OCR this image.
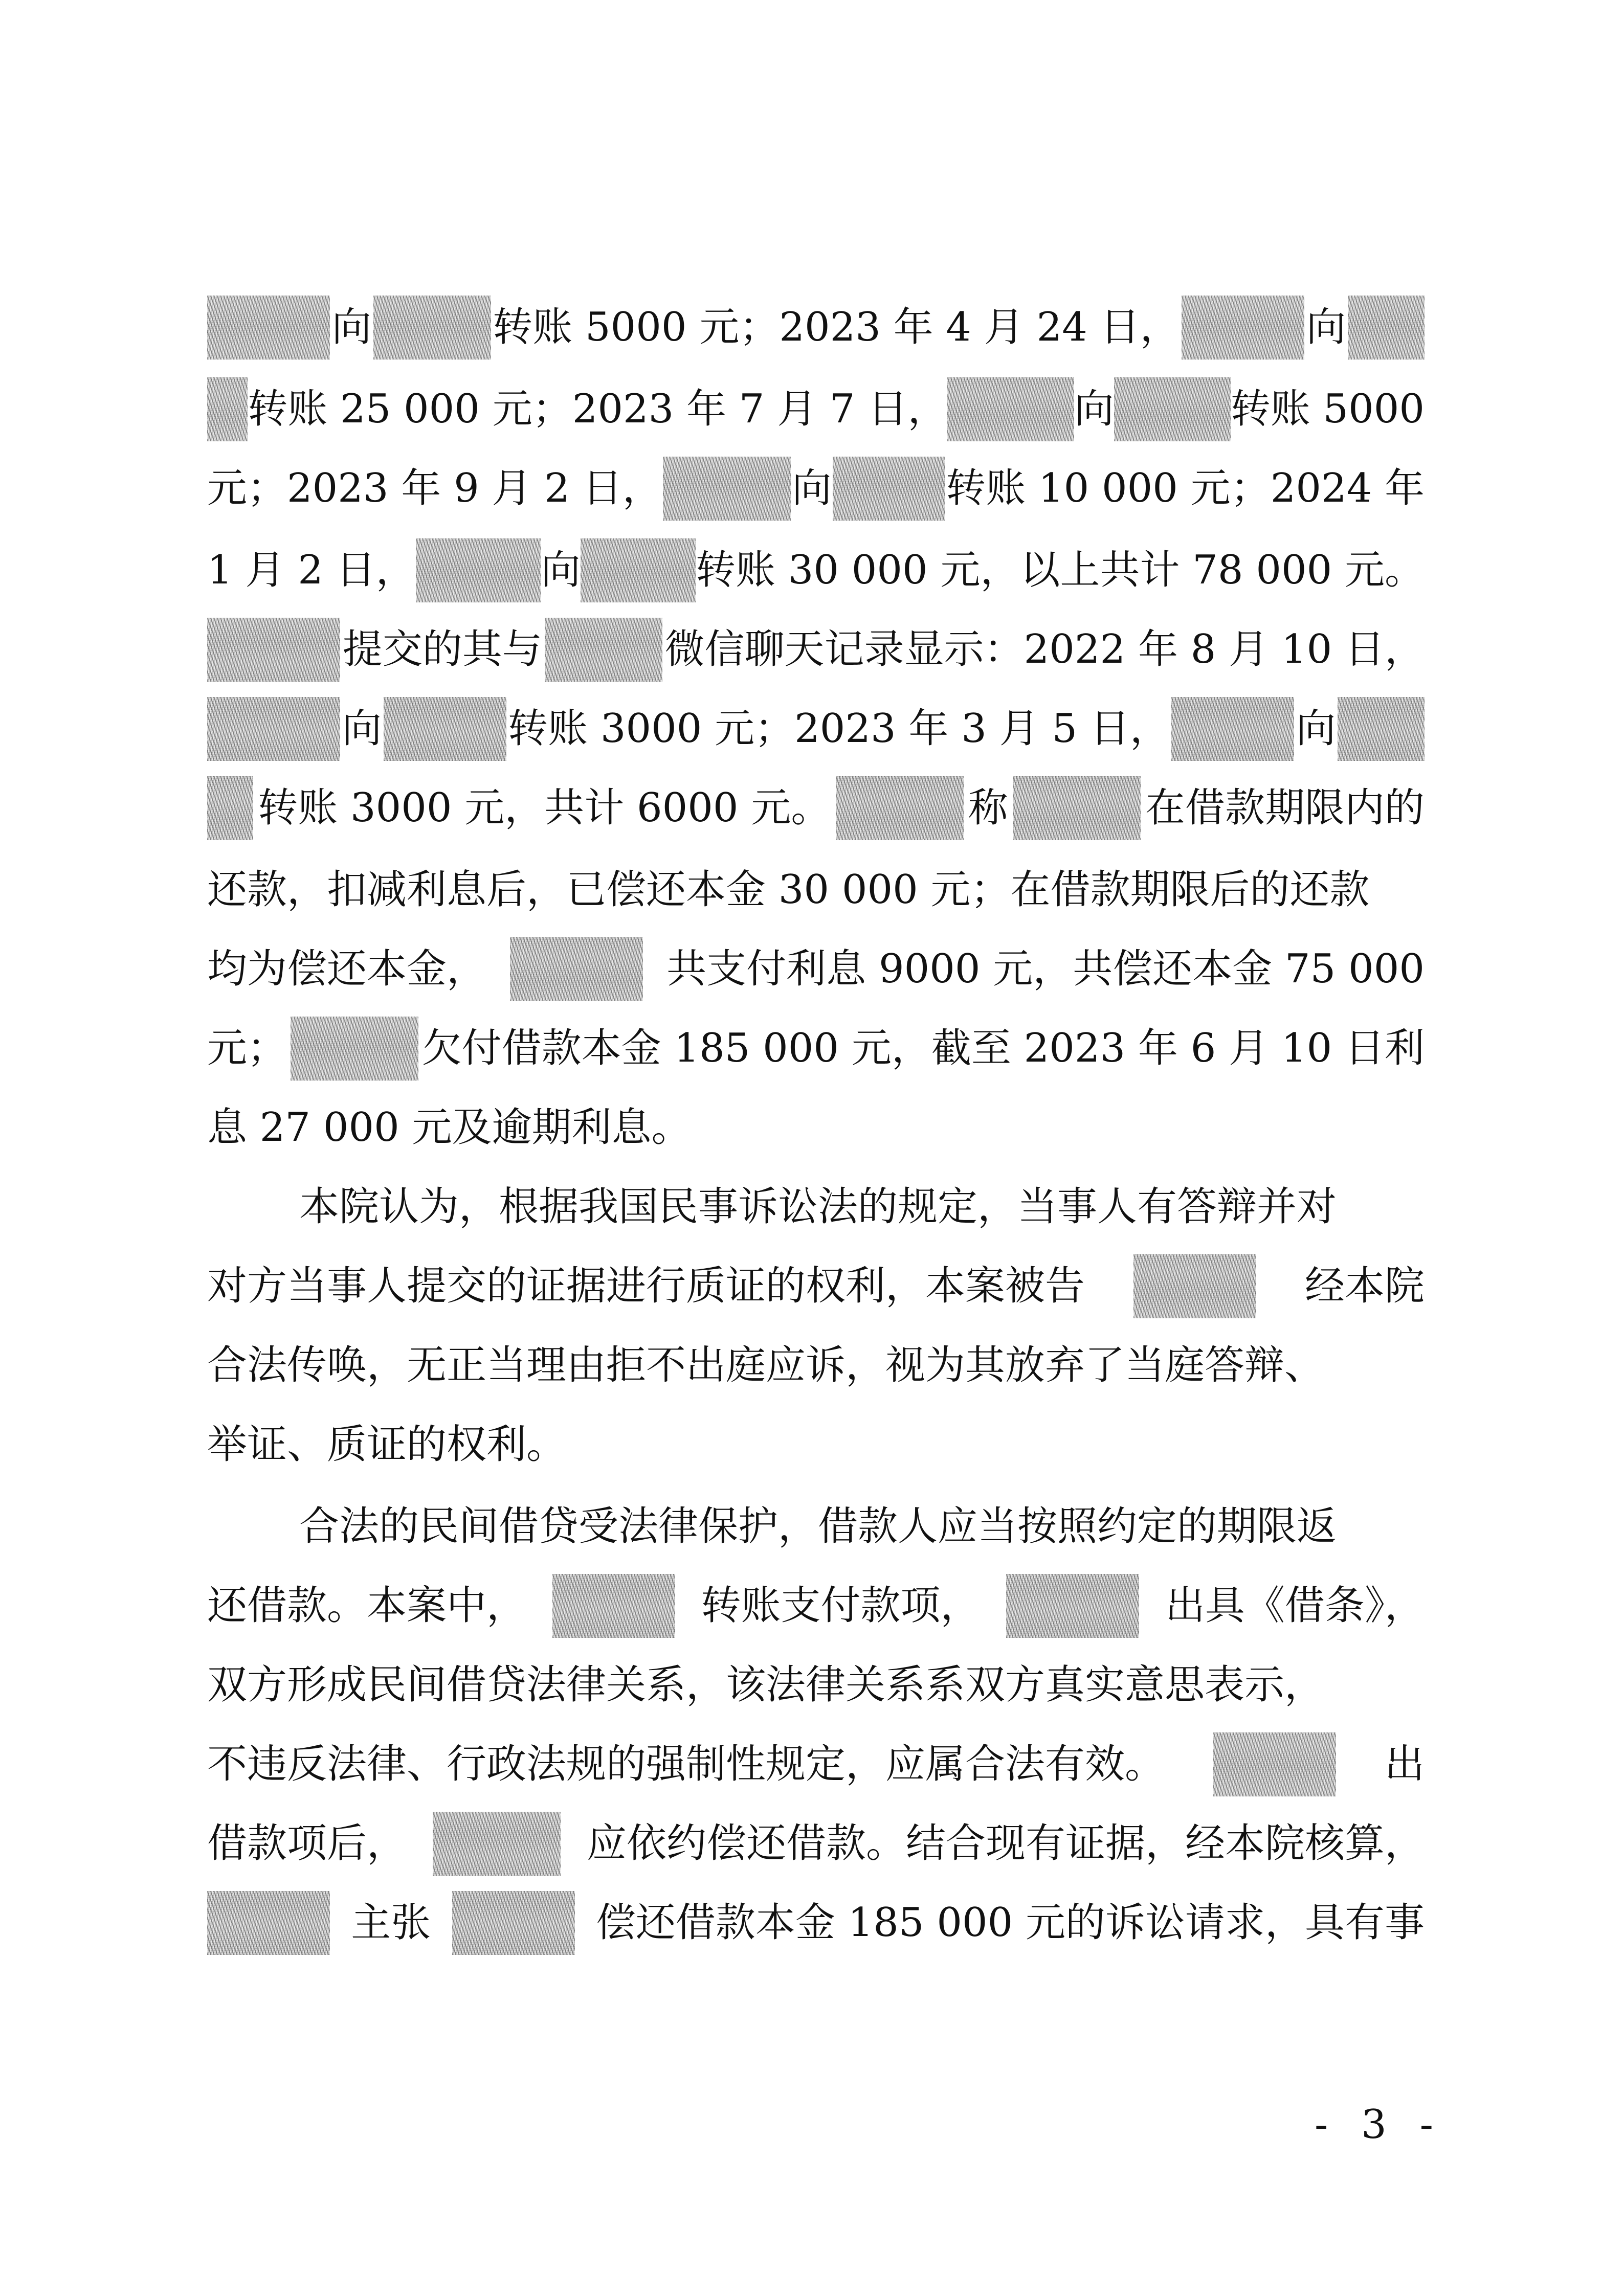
向	转账 5000 元；2023 年 4 月 24 日，	向
转账 25 000 元；2023 年 7 月 7 日，	向	转账 5000
元；2023 年 9 月 2 日，	向	转账 10 000 元；2024 年
1 月 2 日，	向	转账 30 000 元，以上共计 78 000 元。
提交的其与	微信聊天记录显示：2022 年 8 月 10 日，
向	转账 3000 元；2023 年 3 月 5 日，	向
转账 3000 元，共计 6000 元。	称	在借款期限内的
还款，扣减利息后，已偿还本金 30 000 元；在借款期限后的还款
均为偿还本金，	共支付利息 9000 元，共偿还本金 75 000
元；	欠付借款本金 185 000 元，截至 2023 年 6 月 10 日利
息 27 000 元及逾期利息。
本院认为，根据我国民事诉讼法的规定，当事人有答辩并对
对方当事人提交的证据进行质证的权利，本案被告	经本院
合法传唤，无正当理由拒不出庭应诉，视为其放弃了当庭答辩、
举证、质证的权利。
合法的民间借贷受法律保护，借款人应当按照约定的期限返
还借款。本案中，	转账支付款项，	出具《借条》，
双方形成民间借贷法律关系，该法律关系系双方真实意思表示，
不违反法律、行政法规的强制性规定，应属合法有效。	出
借款项后，	应依约偿还借款。结合现有证据，经本院核算，
主张	偿还借款本金 185 000 元的诉讼请求，具有事
- 3 -
